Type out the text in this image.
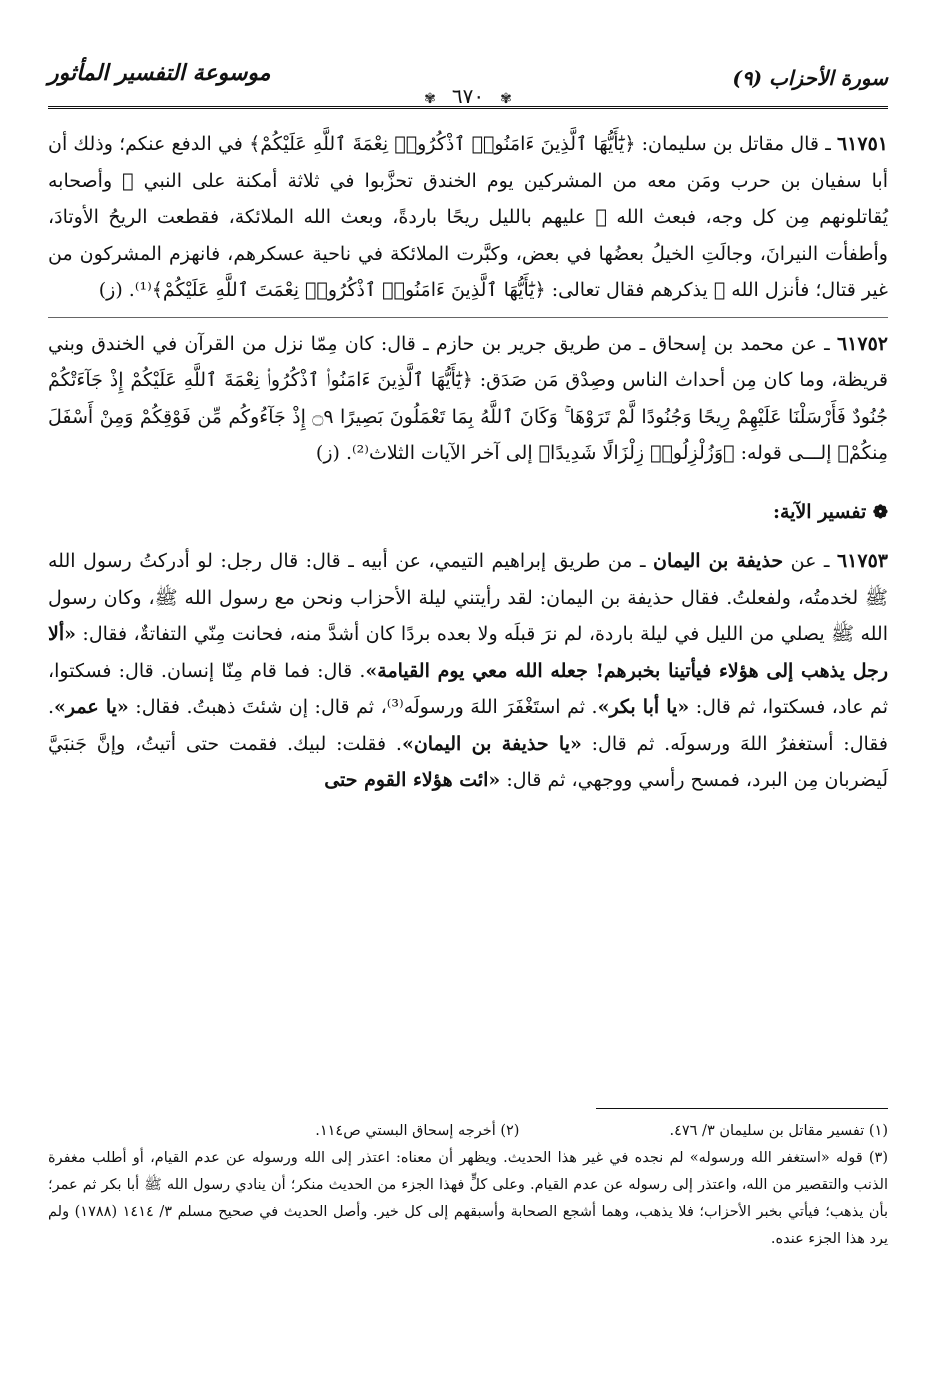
سورة الأحزاب (٩)
موسوعة التفسير المأثور
✾٦٧٠✾

٦١٧٥١ ـ قال مقاتل بن سليمان: ﴿يَٰٓأَيُّهَا ٱلَّذِينَ ءَامَنُوا۟ ٱذْكُرُوا۟ نِعْمَةَ ٱللَّهِ عَلَيْكُمْ﴾ في الدفع عنكم؛ وذلك أن أبا سفيان بن حرب ومَن معه من المشركين يوم الخندق تحزَّبوا في ثلاثة أمكنة على النبي ﷺ وأصحابه يُقاتلونهم مِن كل وجه، فبعث الله ﷻ عليهم بالليل ريحًا باردةً، وبعث الله الملائكة، فقطعت الريحُ الأوتادَ، وأطفأت النيرانَ، وجالَتِ الخيلُ بعضُها في بعض، وكبَّرت الملائكة في ناحية عسكرهم، فانهزم المشركون من غير قتال؛ فأنزل الله ﷻ يذكرهم فقال تعالى: ﴿يَٰٓأَيُّهَا ٱلَّذِينَ ءَامَنُوا۟ ٱذْكُرُوا۟ نِعْمَتَ ٱللَّهِ عَلَيْكُمْ﴾⁽¹⁾. (ز)

٦١٧٥٢ ـ عن محمد بن إسحاق ـ من طريق جرير بن حازم ـ قال: كان مِمّا نزل من القرآن في الخندق وبني قريظة، وما كان مِن أحداث الناس وصِدْق مَن صَدَق: ﴿يَٰٓأَيُّهَا ٱلَّذِينَ ءَامَنُوا۟ ٱذْكُرُوا۟ نِعْمَةَ ٱللَّهِ عَلَيْكُمْ إِذْ جَآءَتْكُمْ جُنُودٌ فَأَرْسَلْنَا عَلَيْهِمْ رِيحًا وَجُنُودًا لَّمْ تَرَوْهَا ۚ وَكَانَ ٱللَّهُ بِمَا تَعْمَلُونَ بَصِيرًا ۝٩ إِذْ جَآءُوكُم مِّن فَوْقِكُمْ وَمِنْ أَسْفَلَ مِنكُمْ﴾ إلـــى قوله: ﴿وَزُلْزِلُوا۟ زِلْزَالًا شَدِيدًا﴾ إلى آخر الآيات الثلاث⁽²⁾. (ز)

❁ تفسير الآية:

٦١٧٥٣ ـ عن حذيفة بن اليمان ـ من طريق إبراهيم التيمي، عن أبيه ـ قال: قال رجل: لو أدركتُ رسول الله ﷺ لخدمتُه، ولفعلتُ. فقال حذيفة بن اليمان: لقد رأيتني ليلة الأحزاب ونحن مع رسول الله ﷺ، وكان رسول الله ﷺ يصلي من الليل في ليلة باردة، لم نرَ قبلَه ولا بعده بردًا كان أشدَّ منه، فحانت مِنّي التفاتةٌ، فقال: «ألا رجل يذهب إلى هؤلاء فيأتينا بخبرهم! جعله الله معي يوم القيامة». قال: فما قام مِنّا إنسان. قال: فسكتوا، ثم عاد، فسكتوا، ثم قال: «يا أبا بكر». ثم استَغْفَرَ اللهَ ورسولَه⁽³⁾، ثم قال: إن شئتَ ذهبتُ. فقال: «يا عمر». فقال: أستغفرُ اللهَ ورسولَه. ثم قال: «يا حذيفة بن اليمان». فقلت: لبيك. فقمت حتى أتيتُ، وإنَّ جَنبَيَّ لَيضربان مِن البرد، فمسح رأسي ووجهي، ثم قال: «ائت هؤلاء القوم حتى

(١) تفسير مقاتل بن سليمان ٣/ ٤٧٦.
(٢) أخرجه إسحاق البستي ص١١٤.

(٣) قوله «استغفر الله ورسوله» لم نجده في غير هذا الحديث. ويظهر أن معناه: اعتذر إلى الله ورسوله عن عدم القيام، أو أطلب مغفرة الذنب والتقصير من الله، واعتذر إلى رسوله عن عدم القيام. وعلى كلٍّ فهذا الجزء من الحديث منكر؛ أن ينادي رسول الله ﷺ أبا بكر ثم عمر؛ بأن يذهب؛ فيأتي بخبر الأحزاب؛ فلا يذهب، وهما أشجع الصحابة وأسبقهم إلى كل خير. وأصل الحديث في صحيح مسلم ٣/ ١٤١٤ (١٧٨٨) ولم يرد هذا الجزء عنده.
